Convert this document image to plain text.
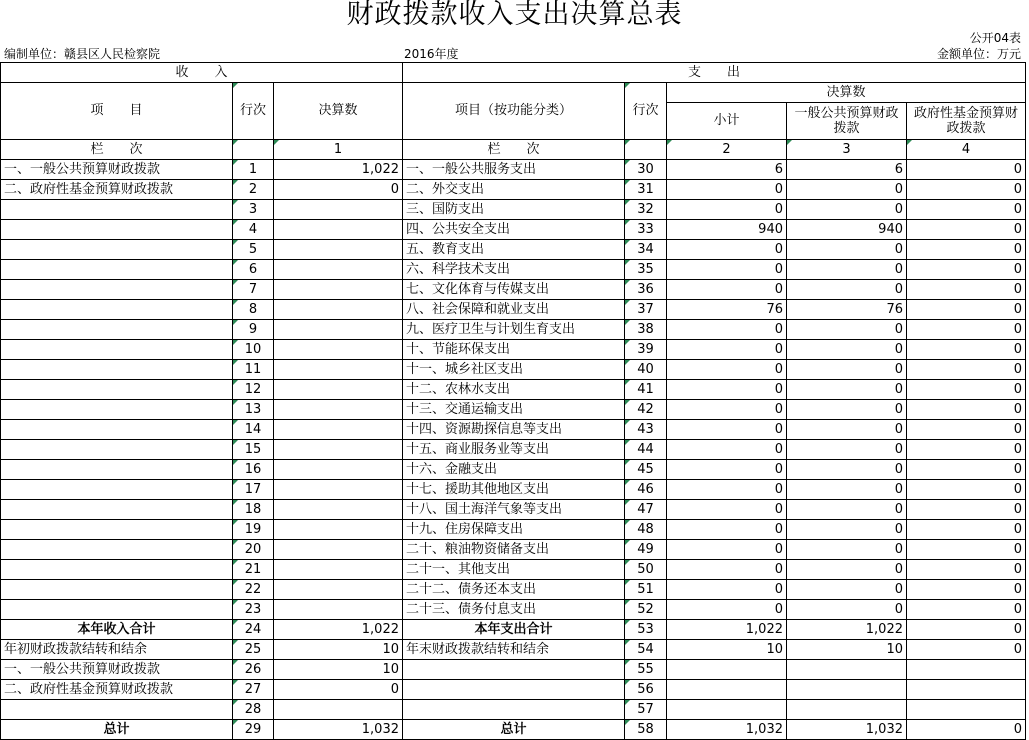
财政拨款收入支出决算总表
公开04表
编制单位：赣县区人民检察院	2016年度	金额单位：万元
收　　入			支　　出				
项　　目	行次	决算数	项目（按功能分类）	行次	决算数		
					小计	一般公共预算财政拨款	政府性基金预算财政拨款
栏　　次		1	栏　　次		2	3	4
一、一般公共预算财政拨款	1	1,022	一、一般公共服务支出	30	6	6	0
二、政府性基金预算财政拨款	2	0	二、外交支出	31	0	0	0
	3		三、国防支出	32	0	0	0
	4		四、公共安全支出	33	940	940	0
	5		五、教育支出	34	0	0	0
	6		六、科学技术支出	35	0	0	0
	7		七、文化体育与传媒支出	36	0	0	0
	8		八、社会保障和就业支出	37	76	76	0
	9		九、医疗卫生与计划生育支出	38	0	0	0
	10		十、节能环保支出	39	0	0	0
	11		十一、城乡社区支出	40	0	0	0
	12		十二、农林水支出	41	0	0	0
	13		十三、交通运输支出	42	0	0	0
	14		十四、资源勘探信息等支出	43	0	0	0
	15		十五、商业服务业等支出	44	0	0	0
	16		十六、金融支出	45	0	0	0
	17		十七、援助其他地区支出	46	0	0	0
	18		十八、国土海洋气象等支出	47	0	0	0
	19		十九、住房保障支出	48	0	0	0
	20		二十、粮油物资储备支出	49	0	0	0
	21		二十一、其他支出	50	0	0	0
	22		二十二、债务还本支出	51	0	0	0
	23		二十三、债务付息支出	52	0	0	0
本年收入合计	24	1,022	本年支出合计	53	1,022	1,022	0
年初财政拨款结转和结余	25	10	年末财政拨款结转和结余	54	10	10	0
一、一般公共预算财政拨款	26	10		55			
二、政府性基金预算财政拨款	27	0		56			
	28			57			
总计	29	1,032	总计	58	1,032	1,032	0
